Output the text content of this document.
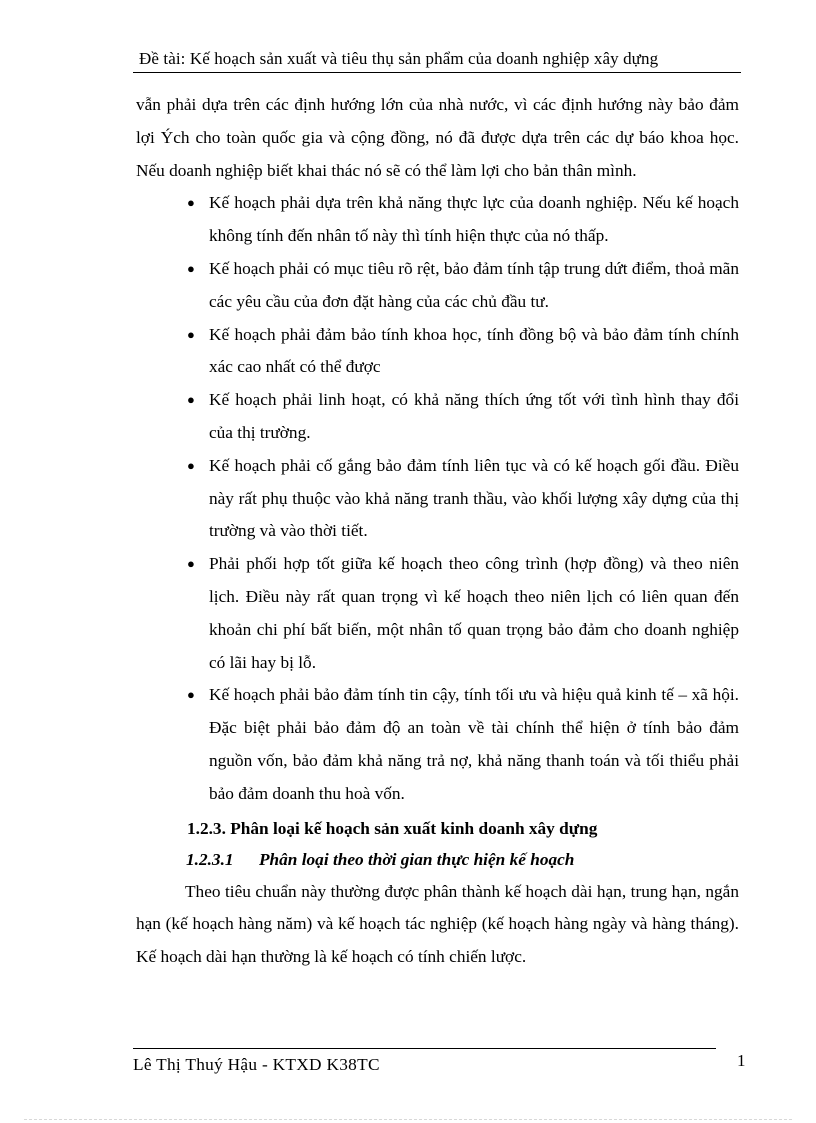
Đề tài: Kế hoạch sản xuất và tiêu thụ sản phẩm của doanh nghiệp xây dựng

vẫn phải dựa trên các định hướng lớn của nhà nước, vì các định hướng này bảo đảm lợi Ých cho toàn quốc gia và cộng đồng, nó đã được dựa trên các dự báo khoa học. Nếu doanh nghiệp biết khai thác nó sẽ có thể làm lợi cho bản thân mình.

● Kế hoạch phải dựa trên khả năng thực lực của doanh nghiệp. Nếu kế hoạch không tính đến nhân tố này thì tính hiện thực của nó thấp.
● Kế hoạch phải có mục tiêu rõ rệt, bảo đảm tính tập trung dứt điểm, thoả mãn các yêu cầu của đơn đặt hàng của các chủ đầu tư.
● Kế hoạch phải đảm bảo tính khoa học, tính đồng bộ và bảo đảm tính chính xác cao nhất có thể được
● Kế hoạch phải linh hoạt, có khả năng thích ứng tốt với tình hình thay đổi của thị trường.
● Kế hoạch phải cố gắng bảo đảm tính liên tục và có kế hoạch gối đầu. Điều này rất phụ thuộc vào khả năng tranh thầu, vào khối lượng xây dựng của thị trường và vào thời tiết.
● Phải phối hợp tốt giữa kế hoạch theo công trình (hợp đồng) và theo niên lịch. Điều này rất quan trọng vì kế hoạch theo niên lịch có liên quan đến khoản chi phí bất biến, một nhân tố quan trọng bảo đảm cho doanh nghiệp có lãi hay bị lỗ.
● Kế hoạch phải bảo đảm tính tin cậy, tính tối ưu và hiệu quả kinh tế – xã hội. Đặc biệt phải bảo đảm độ an toàn về tài chính thể hiện ở tính bảo đảm nguồn vốn, bảo đảm khả năng trả nợ, khả năng thanh toán và tối thiểu phải bảo đảm doanh thu hoà vốn.
1.2.3. Phân loại kế hoạch sản xuất kinh doanh xây dựng
1.2.3.1 Phân loại theo thời gian thực hiện kế hoạch

Theo tiêu chuẩn này thường được phân thành kế hoạch dài hạn, trung hạn, ngắn hạn (kế hoạch hàng năm) và kế hoạch tác nghiệp (kế hoạch hàng ngày và hàng tháng). Kế hoạch dài hạn thường là kế hoạch có tính chiến lược.

Lê Thị Thuý Hậu - KTXD K38TC	1
